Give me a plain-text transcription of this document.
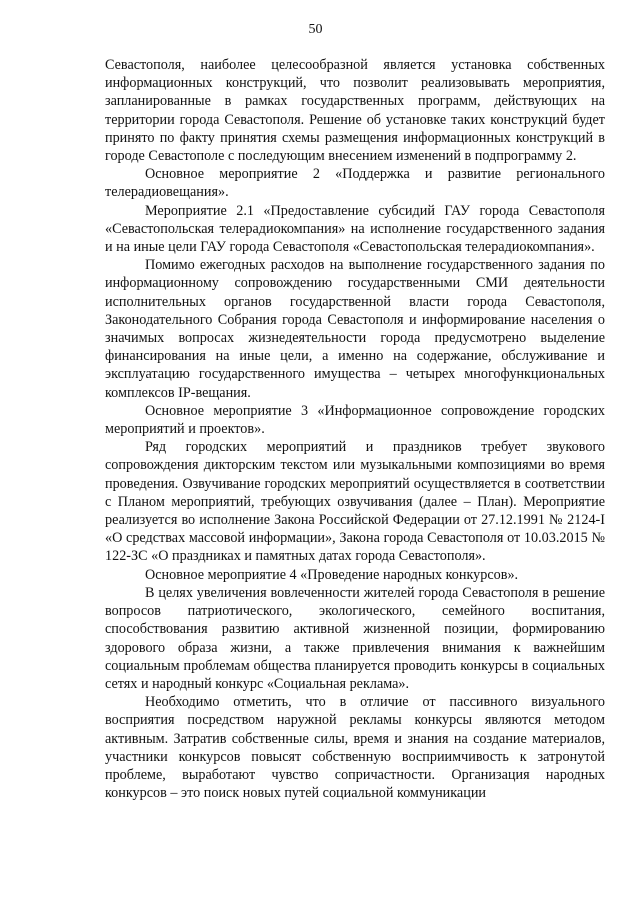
50

Севастополя, наиболее целесообразной является установка собственных информационных конструкций, что позволит реализовывать мероприятия, запланированные в рамках государственных программ, действующих на территории города Севастополя. Решение об установке таких конструкций будет принято по факту принятия схемы размещения информационных конструкций в городе Севастополе с последующим внесением изменений в подпрограмму 2.

Основное мероприятие 2 «Поддержка и развитие регионального телерадиовещания».

Мероприятие 2.1 «Предоставление субсидий ГАУ города Севастополя «Севастопольская телерадиокомпания» на исполнение государственного задания и на иные цели ГАУ города Севастополя «Севастопольская телерадиокомпания».

Помимо ежегодных расходов на выполнение государственного задания по информационному сопровождению государственными СМИ деятельности исполнительных органов государственной власти города Севастополя, Законодательного Собрания города Севастополя и информирование населения о значимых вопросах жизнедеятельности города предусмотрено выделение финансирования на иные цели, а именно на содержание, обслуживание и эксплуатацию государственного имущества – четырех многофункциональных комплексов IP-вещания.

Основное мероприятие 3 «Информационное сопровождение городских мероприятий и проектов».

Ряд городских мероприятий и праздников требует звукового сопровождения дикторским текстом или музыкальными композициями во время проведения. Озвучивание городских мероприятий осуществляется в соответствии с Планом мероприятий, требующих озвучивания (далее – План). Мероприятие реализуется во исполнение Закона Российской Федерации от 27.12.1991 № 2124-I «О средствах массовой информации», Закона города Севастополя от 10.03.2015 № 122-ЗС «О праздниках и памятных датах города Севастополя».

Основное мероприятие 4 «Проведение народных конкурсов».

В целях увеличения вовлеченности жителей города Севастополя в решение вопросов патриотического, экологического, семейного воспитания, способствования развитию активной жизненной позиции, формированию здорового образа жизни, а также привлечения внимания к важнейшим социальным проблемам общества планируется проводить конкурсы в социальных сетях и народный конкурс «Социальная реклама».

Необходимо отметить, что в отличие от пассивного визуального восприятия посредством наружной рекламы конкурсы являются методом активным. Затратив собственные силы, время и знания на создание материалов, участники конкурсов повысят собственную восприимчивость к затронутой проблеме, выработают чувство сопричастности. Организация народных конкурсов – это поиск новых путей социальной коммуникации
